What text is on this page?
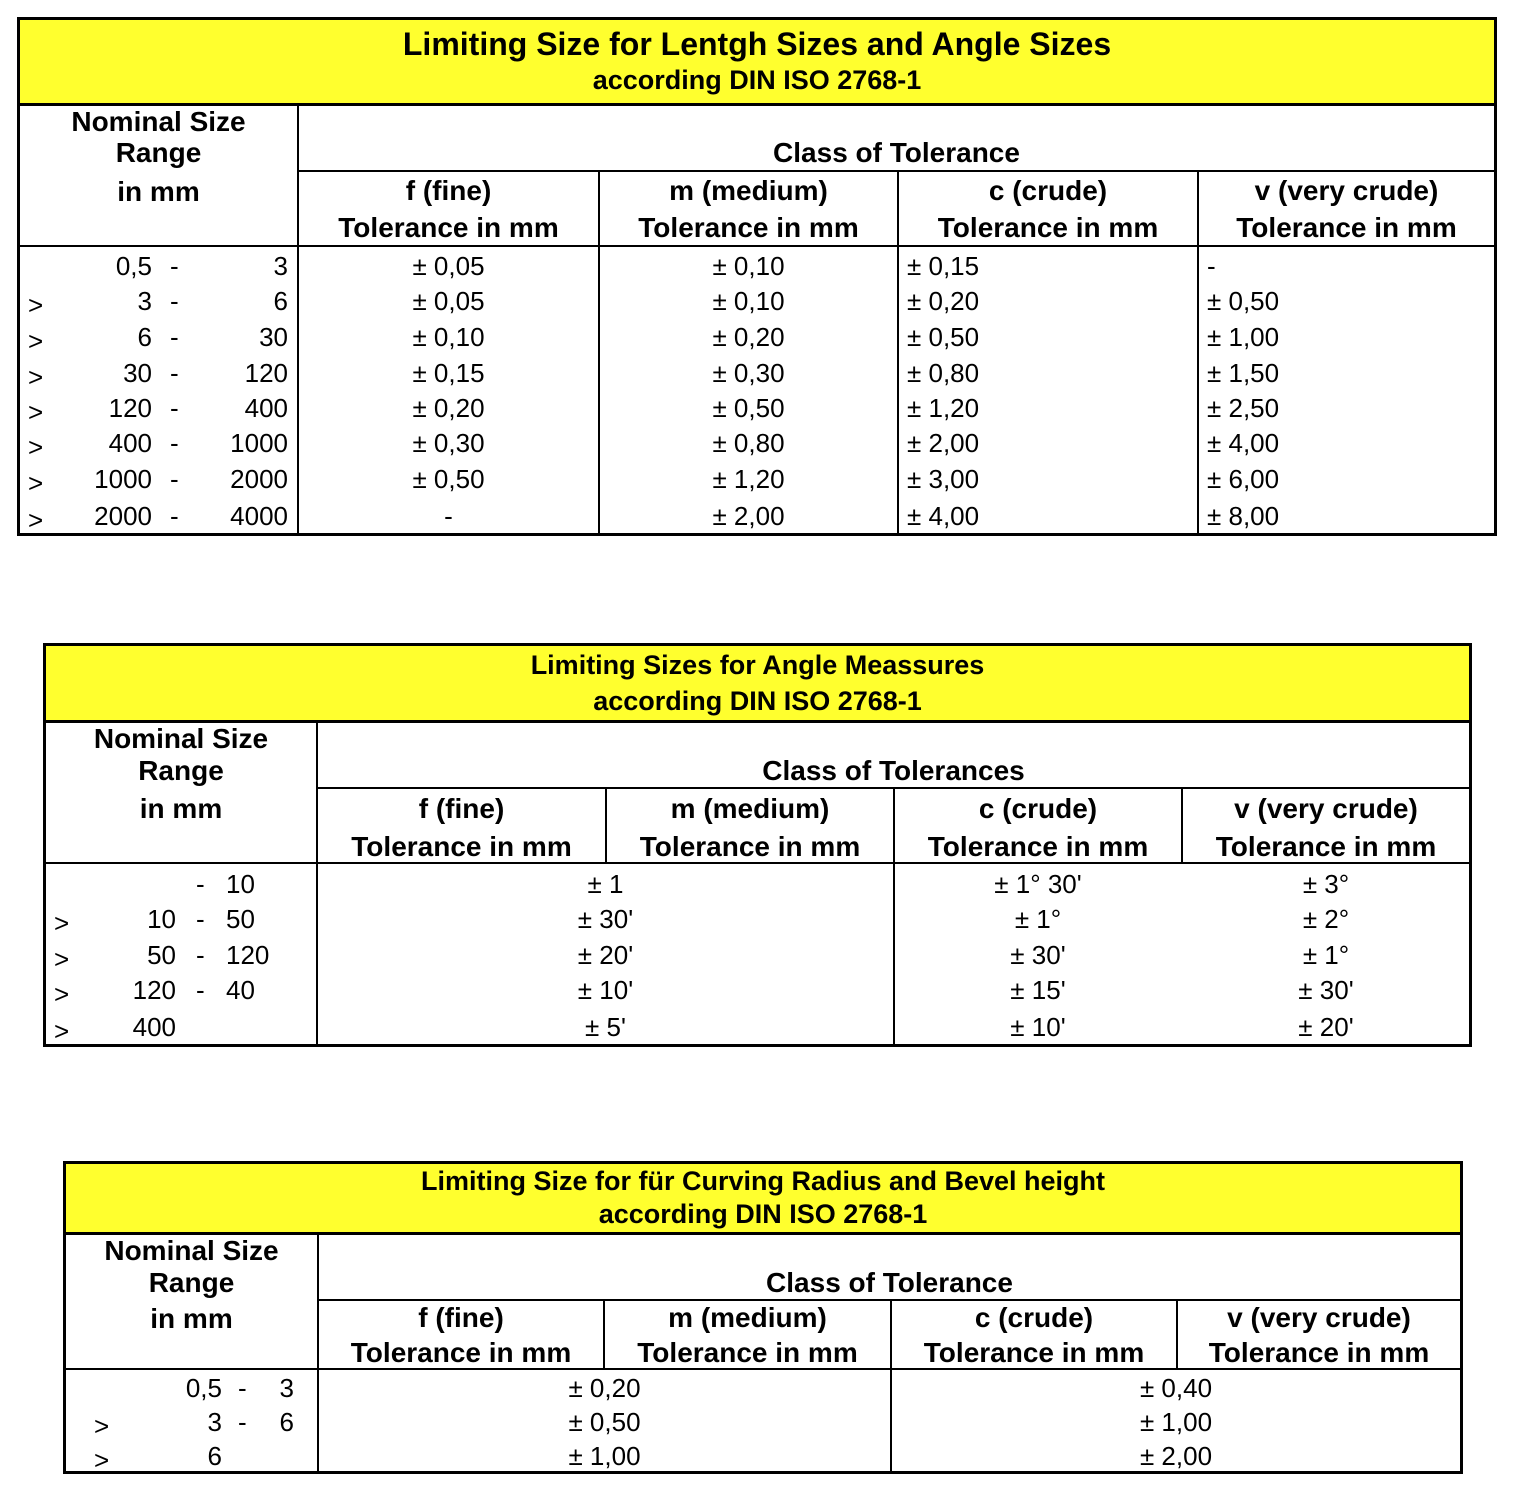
Limiting Size for Lentgh Sizes and Angle Sizes
according DIN ISO 2768-1
Nominal Size
Range
in mm
Class of Tolerance
f (fine)
Tolerance in mm
m (medium)
Tolerance in mm
c (crude)
Tolerance in mm
v (very crude)
Tolerance in mm
0,5 -	3	± 0,05	± 0,10	± 0,15	-
>	3 -	6	± 0,05	± 0,10	± 0,20	± 0,50
>	6 -	30	± 0,10	± 0,20	± 0,50	± 1,00
>	30 -	120	± 0,15	± 0,30	± 0,80	± 1,50
>	120 -	400	± 0,20	± 0,50	± 1,20	± 2,50
>	400 -	1000	± 0,30	± 0,80	± 2,00	± 4,00
>	1000 -	2000	± 0,50	± 1,20	± 3,00	± 6,00
>	2000 -	4000	-	± 2,00	± 4,00	± 8,00
Limiting Sizes for Angle Meassures
according DIN ISO 2768-1
Nominal Size
Range
in mm
Class of Tolerances
f (fine)
Tolerance in mm
m (medium)
Tolerance in mm
c (crude)
Tolerance in mm
v (very crude)
Tolerance in mm
- 10	± 1	± 1° 30'	± 3°
>	10 - 50	± 30'	± 1°	± 2°
>	50 - 120	± 20'	± 30'	± 1°
>	120 - 40	± 10'	± 15'	± 30'
>	400	± 5'	± 10'	± 20'
Limiting Size for für Curving Radius and Bevel height
according DIN ISO 2768-1
Nominal Size
Range
in mm
Class of Tolerance
f (fine)
Tolerance in mm
m (medium)
Tolerance in mm
c (crude)
Tolerance in mm
v (very crude)
Tolerance in mm
0,5 -	3	± 0,20	± 0,40
>	3 -	6	± 0,50	± 1,00
>	6	± 1,00	± 2,00
